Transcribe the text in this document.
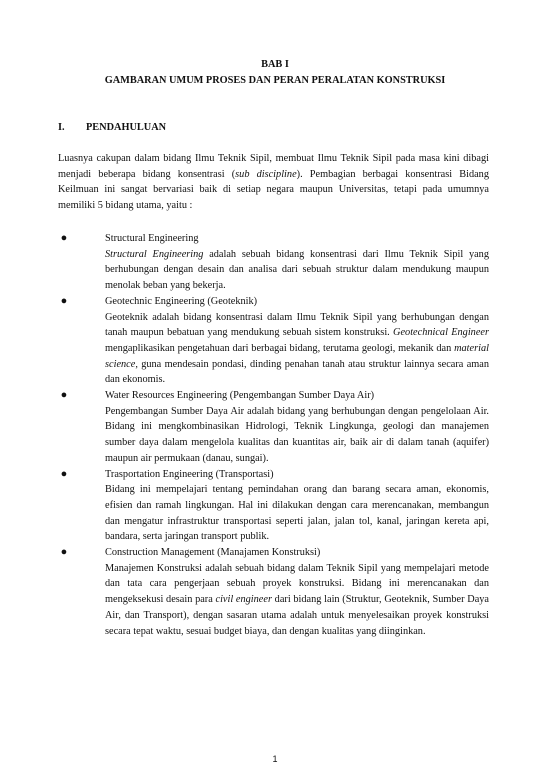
BAB I
GAMBARAN UMUM PROSES DAN PERAN PERALATAN KONSTRUKSI
I. PENDAHULUAN
Luasnya cakupan dalam bidang Ilmu Teknik Sipil, membuat Ilmu Teknik Sipil pada masa kini dibagi menjadi beberapa bidang konsentrasi (sub discipline). Pembagian berbagai konsentrasi Bidang Keilmuan ini sangat bervariasi baik di setiap negara maupun Universitas, tetapi pada umumnya memiliki 5 bidang utama, yaitu :
●	Structural Engineering
Structural Engineering adalah sebuah bidang konsentrasi dari Ilmu Teknik Sipil yang berhubungan dengan desain dan analisa dari sebuah struktur dalam mendukung maupun menolak beban yang bekerja.
●	Geotechnic Engineering (Geoteknik)
Geoteknik adalah bidang konsentrasi dalam Ilmu Teknik Sipil yang berhubungan dengan tanah maupun bebatuan yang mendukung sebuah sistem konstruksi. Geotechnical Engineer mengaplikasikan pengetahuan dari berbagai bidang, terutama geologi, mekanik dan material science, guna mendesain pondasi, dinding penahan tanah atau struktur lainnya secara aman dan ekonomis.
●	Water Resources Engineering (Pengembangan Sumber Daya Air)
Pengembangan Sumber Daya Air adalah bidang yang berhubungan dengan pengelolaan Air. Bidang ini mengkombinasikan Hidrologi, Teknik Lingkunga, geologi dan manajemen sumber daya dalam mengelola kualitas dan kuantitas air, baik air di dalam tanah (aquifer) maupun air permukaan (danau, sungai).
●	Trasportation Engineering (Transportasi)
Bidang ini mempelajari tentang pemindahan orang dan barang secara aman, ekonomis, efisien dan ramah lingkungan. Hal ini dilakukan dengan cara merencanakan, membangun dan mengatur infrastruktur transportasi seperti jalan, jalan tol, kanal, jaringan kereta api, bandara, serta jaringan transport publik.
●	Construction Management (Manajamen Konstruksi)
Manajemen Konstruksi adalah sebuah bidang dalam Teknik Sipil yang mempelajari metode dan tata cara pengerjaan sebuah proyek konstruksi. Bidang ini merencanakan dan mengeksekusi desain para civil engineer dari bidang lain (Struktur, Geoteknik, Sumber Daya Air, dan Transport), dengan sasaran utama adalah untuk menyelesaikan proyek konstruksi secara tepat waktu, sesuai budget biaya, dan dengan kualitas yang diinginkan.
1
